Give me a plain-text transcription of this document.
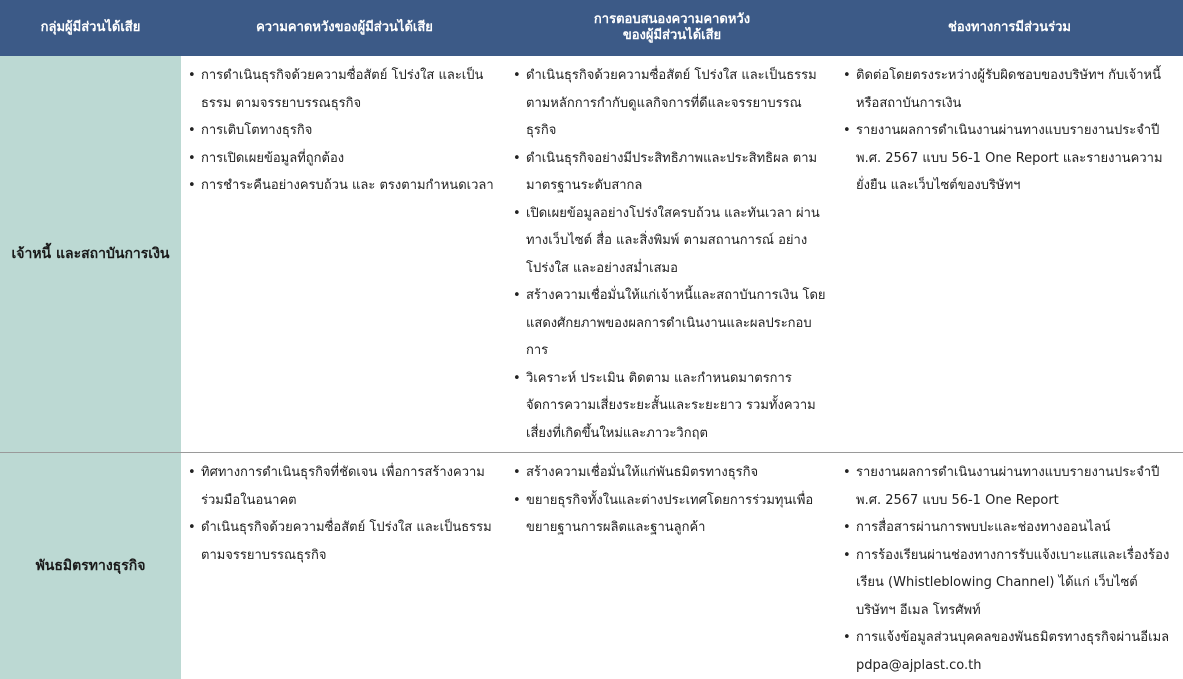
กลุ่มผู้มีส่วนได้เสีย	ความคาดหวังของผู้มีส่วนได้เสีย
การตอบสนองความคาดหวัง
ของผู้มีส่วนได้เสีย
ช่องทางการมีส่วนร่วม
เจ้าหนี้ และสถาบันการเงิน
• การดำเนินธุรกิจด้วยความซื่อสัตย์ โปร่งใส และเป็นธรรม ตามจรรยาบรรณธุรกิจ
• การเติบโตทางธุรกิจ
• การเปิดเผยข้อมูลที่ถูกต้อง
• การชำระคืนอย่างครบถ้วน และ ตรงตามกำหนดเวลา
• ดำเนินธุรกิจด้วยความซื่อสัตย์ โปร่งใส และเป็นธรรม ตามหลักการกำกับดูแลกิจการที่ดีและจรรยาบรรณธุรกิจ
• ดำเนินธุรกิจอย่างมีประสิทธิภาพและประสิทธิผล ตามมาตรฐานระดับสากล
• เปิดเผยข้อมูลอย่างโปร่งใสครบถ้วน และทันเวลา ผ่านทางเว็บไซต์ สื่อ และสิ่งพิมพ์ ตามสถานการณ์ อย่างโปร่งใส และอย่างสม่ำเสมอ
• สร้างความเชื่อมั่นให้แก่เจ้าหนี้และสถาบันการเงิน โดยแสดงศักยภาพของผลการดำเนินงานและผลประกอบการ
• วิเคราะห์ ประเมิน ติดตาม และกำหนดมาตรการจัดการความเสี่ยงระยะสั้นและระยะยาว รวมทั้งความเสี่ยงที่เกิดขึ้นใหม่และภาวะวิกฤต
• ติดต่อโดยตรงระหว่างผู้รับผิดชอบของบริษัทฯ กับเจ้าหนี้หรือสถาบันการเงิน
• รายงานผลการดำเนินงานผ่านทางแบบรายงานประจำปี พ.ศ. 2567 แบบ 56-1 One Report และรายงานความยั่งยืน และเว็บไซต์ของบริษัทฯ
พันธมิตรทางธุรกิจ
• ทิศทางการดำเนินธุรกิจที่ชัดเจน เพื่อการสร้างความร่วมมือในอนาคต
• ดำเนินธุรกิจด้วยความซื่อสัตย์ โปร่งใส และเป็นธรรม ตามจรรยาบรรณธุรกิจ
• สร้างความเชื่อมั่นให้แก่พันธมิตรทางธุรกิจ
• ขยายธุรกิจทั้งในและต่างประเทศโดยการร่วมทุนเพื่อขยายฐานการผลิตและฐานลูกค้า
• รายงานผลการดำเนินงานผ่านทางแบบรายงานประจำปี พ.ศ. 2567 แบบ 56-1 One Report
• การสื่อสารผ่านการพบปะและช่องทางออนไลน์
• การร้องเรียนผ่านช่องทางการรับแจ้งเบาะแสและเรื่องร้องเรียน (Whistleblowing Channel) ได้แก่ เว็บไซต์บริษัทฯ อีเมล โทรศัพท์
• การแจ้งข้อมูลส่วนบุคคลของพันธมิตรทางธุรกิจผ่านอีเมล pdpa@ajplast.co.th
